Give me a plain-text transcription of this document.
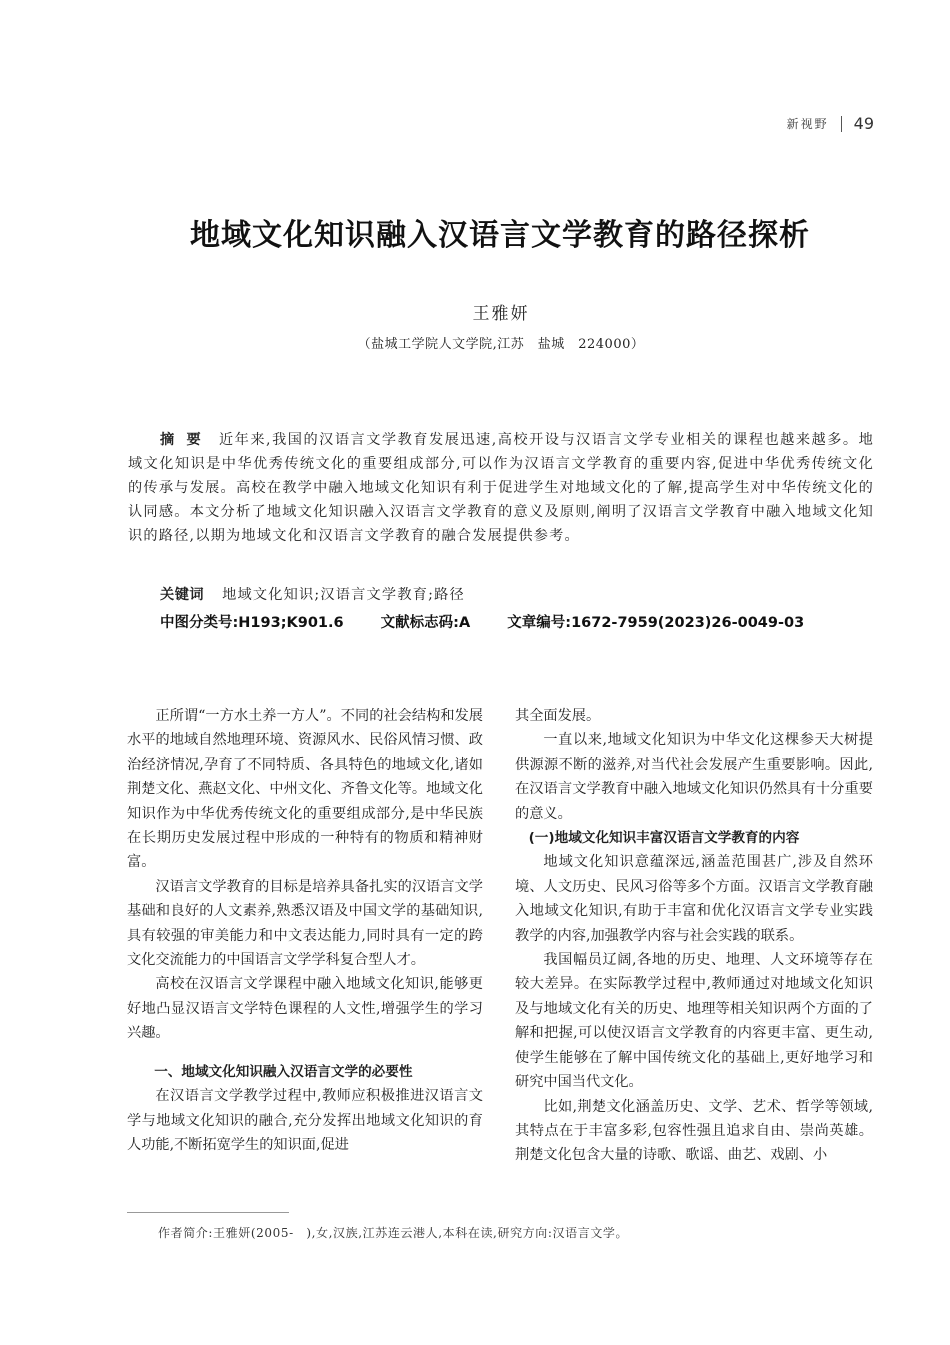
新视野 49
地域文化知识融入汉语言文学教育的路径探析
王雅妍
（盐城工学院人文学院,江苏　盐城　224000）

摘要 近年来,我国的汉语言文学教育发展迅速,高校开设与汉语言文学专业相关的课程也越来越多。地域文化知识是中华优秀传统文化的重要组成部分,可以作为汉语言文学教育的重要内容,促进中华优秀传统文化的传承与发展。高校在教学中融入地域文化知识有利于促进学生对地域文化的了解,提高学生对中华传统文化的认同感。本文分析了地域文化知识融入汉语言文学教育的意义及原则,阐明了汉语言文学教育中融入地域文化知识的路径,以期为地域文化和汉语言文学教育的融合发展提供参考。

关键词 地域文化知识;汉语言文学教育;路径
中图分类号:H193;K901.6	文献标志码:A	文章编号:1672-7959(2023)26-0049-03

正所谓“一方水土养一方人”。不同的社会结构和发展水平的地域自然地理环境、资源风水、民俗风情习惯、政治经济情况,孕育了不同特质、各具特色的地域文化,诸如荆楚文化、燕赵文化、中州文化、齐鲁文化等。地域文化知识作为中华优秀传统文化的重要组成部分,是中华民族在长期历史发展过程中形成的一种特有的物质和精神财富。

汉语言文学教育的目标是培养具备扎实的汉语言文学基础和良好的人文素养,熟悉汉语及中国文学的基础知识,具有较强的审美能力和中文表达能力,同时具有一定的跨文化交流能力的中国语言文学学科复合型人才。

高校在汉语言文学课程中融入地域文化知识,能够更好地凸显汉语言文学特色课程的人文性,增强学生的学习兴趣。

一、地域文化知识融入汉语言文学的必要性

在汉语言文学教学过程中,教师应积极推进汉语言文学与地域文化知识的融合,充分发挥出地域文化知识的育人功能,不断拓宽学生的知识面,促进

其全面发展。

一直以来,地域文化知识为中华文化这棵参天大树提供源源不断的滋养,对当代社会发展产生重要影响。因此,在汉语言文学教育中融入地域文化知识仍然具有十分重要的意义。

(一)地域文化知识丰富汉语言文学教育的内容

地域文化知识意蕴深远,涵盖范围甚广,涉及自然环境、人文历史、民风习俗等多个方面。汉语言文学教育融入地域文化知识,有助于丰富和优化汉语言文学专业实践教学的内容,加强教学内容与社会实践的联系。

我国幅员辽阔,各地的历史、地理、人文环境等存在较大差异。在实际教学过程中,教师通过对地域文化知识及与地域文化有关的历史、地理等相关知识两个方面的了解和把握,可以使汉语言文学教育的内容更丰富、更生动,使学生能够在了解中国传统文化的基础上,更好地学习和研究中国当代文化。

比如,荆楚文化涵盖历史、文学、艺术、哲学等领域,其特点在于丰富多彩,包容性强且追求自由、崇尚英雄。荆楚文化包含大量的诗歌、歌谣、曲艺、戏剧、小

作者简介:王雅妍(2005-　),女,汉族,江苏连云港人,本科在读,研究方向:汉语言文学。
